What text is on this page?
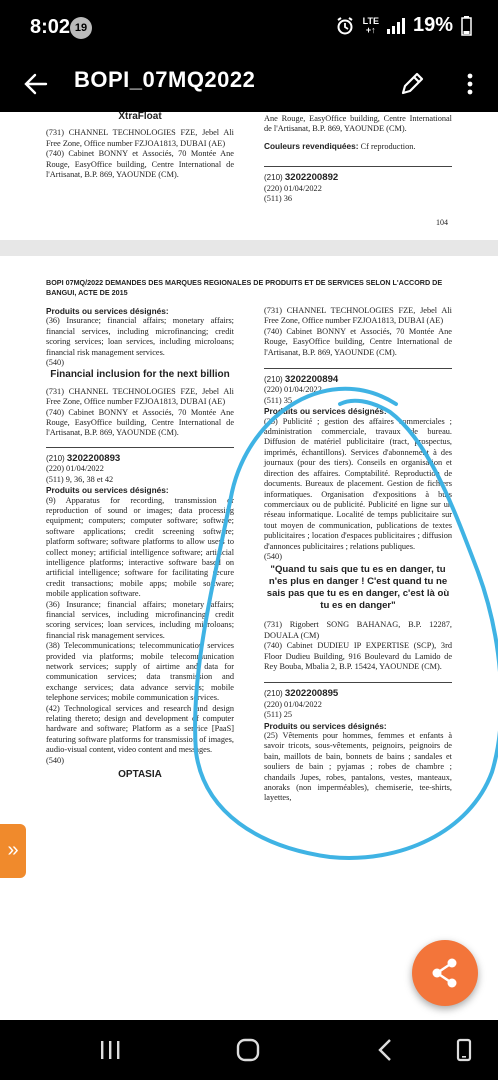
8:02 19
LTE
+↑ 19%
BOPI_07MQ2022
XtraFloat

(731) CHANNEL TECHNOLOGIES FZE, Jebel Ali Free Zone, Office number FZJOA1813, DUBAI (AE)

(740) Cabinet BONNY et Associés, 70 Montée Ane Rouge, EasyOffice building, Centre International de l'Artisanat, B.P. 869, YAOUNDE (CM).

Ane Rouge, EasyOffice building, Centre International de l'Artisanat, B.P. 869, YAOUNDE (CM).

Couleurs revendiquées: Cf reproduction.

(210) 3202200892

(220) 01/04/2022

(511) 36

104
BOPI 07MQ/2022 DEMANDES DES MARQUES REGIONALES DE PRODUITS ET DE SERVICES SELON L'ACCORD DE BANGUI, ACTE DE 2015

Produits ou services désignés:

(36) Insurance; financial affairs; monetary affairs; financial services, including microfinancing; credit scoring services; loan services, including microloans; financial risk management services.

(540)

Financial inclusion for the next billion

(731) CHANNEL TECHNOLOGIES FZE, Jebel Ali Free Zone, Office number FZJOA1813, DUBAI (AE)

(740) Cabinet BONNY et Associés, 70 Montée Ane Rouge, EasyOffice building, Centre International de l'Artisanat, B.P. 869, YAOUNDE (CM).

(210) 3202200893

(220) 01/04/2022

(511) 9, 36, 38 et 42

Produits ou services désignés:

(9) Apparatus for recording, transmission or reproduction of sound or images; data processing equipment; computers; computer software; software; software applications; credit screening software; platform software; software platforms to allow users to collect money; artificial intelligence software; artificial intelligence platforms; interactive software based on artificial intelligence; software for facilitating secure credit transactions; mobile apps; mobile software; mobile application software.

(36) Insurance; financial affairs; monetary affairs; financial services, including microfinancing; credit scoring services; loan services, including microloans; financial risk management services.

(38) Telecommunications; telecommunication services provided via platforms; mobile telecommunication network services; supply of airtime and data for communication services; data transmission and exchange services; data advance services; mobile telephone services; mobile communication services.

(42) Technological services and research and design relating thereto; design and development of computer hardware and software; Platform as a service [PaaS] featuring software platforms for transmission of images, audio-visual content, video content and messages.

(540)

OPTASIA

(731) CHANNEL TECHNOLOGIES FZE, Jebel Ali Free Zone, Office number FZJOA1813, DUBAI (AE)

(740) Cabinet BONNY et Associés, 70 Montée Ane Rouge, EasyOffice building, Centre International de l'Artisanat, B.P. 869, YAOUNDE (CM).

(210) 3202200894

(220) 01/04/2022

(511) 35

Produits ou services désignés:

(35) Publicité ; gestion des affaires commerciales ; administration commerciale, travaux de bureau. Diffusion de matériel publicitaire (tract, prospectus, imprimés, échantillons). Services d'abonnement à des journaux (pour des tiers). Conseils en organisation et direction des affaires. Comptabilité. Reproduction de documents. Bureaux de placement. Gestion de fichiers informatiques. Organisation d'expositions à buts commerciaux ou de publicité. Publicité en ligne sur un réseau informatique. Localité de temps publicitaire sur tout moyen de communication, publications de textes publicitaires ; location d'espaces publicitaires ; diffusion d'annonces publicitaires ; relations publiques.

(540)

"Quand tu sais que tu es en danger, tu n'es plus en danger ! C'est quand tu ne sais pas que tu es en danger, c'est là où tu es en danger"

(731) Rigobert SONG BAHANAG, B.P. 12287, DOUALA (CM)

(740) Cabinet DUDIEU IP EXPERTISE (SCP), 3rd Floor Dudieu Building, 916 Boulevard du Lamido de Rey Bouba, Mbalia 2, B.P. 15424, YAOUNDE (CM).

(210) 3202200895

(220) 01/04/2022

(511) 25

Produits ou services désignés:

(25) Vêtements pour hommes, femmes et enfants à savoir tricots, sous-vêtements, peignoirs, peignoirs de bain, maillots de bain, bonnets de bains ; sandales et souliers de bain ; pyjamas ; robes de chambre ; chandails Jupes, robes, pantalons, vestes, manteaux, anoraks (non imperméables), chemiserie, tee-shirts, layettes,

»
